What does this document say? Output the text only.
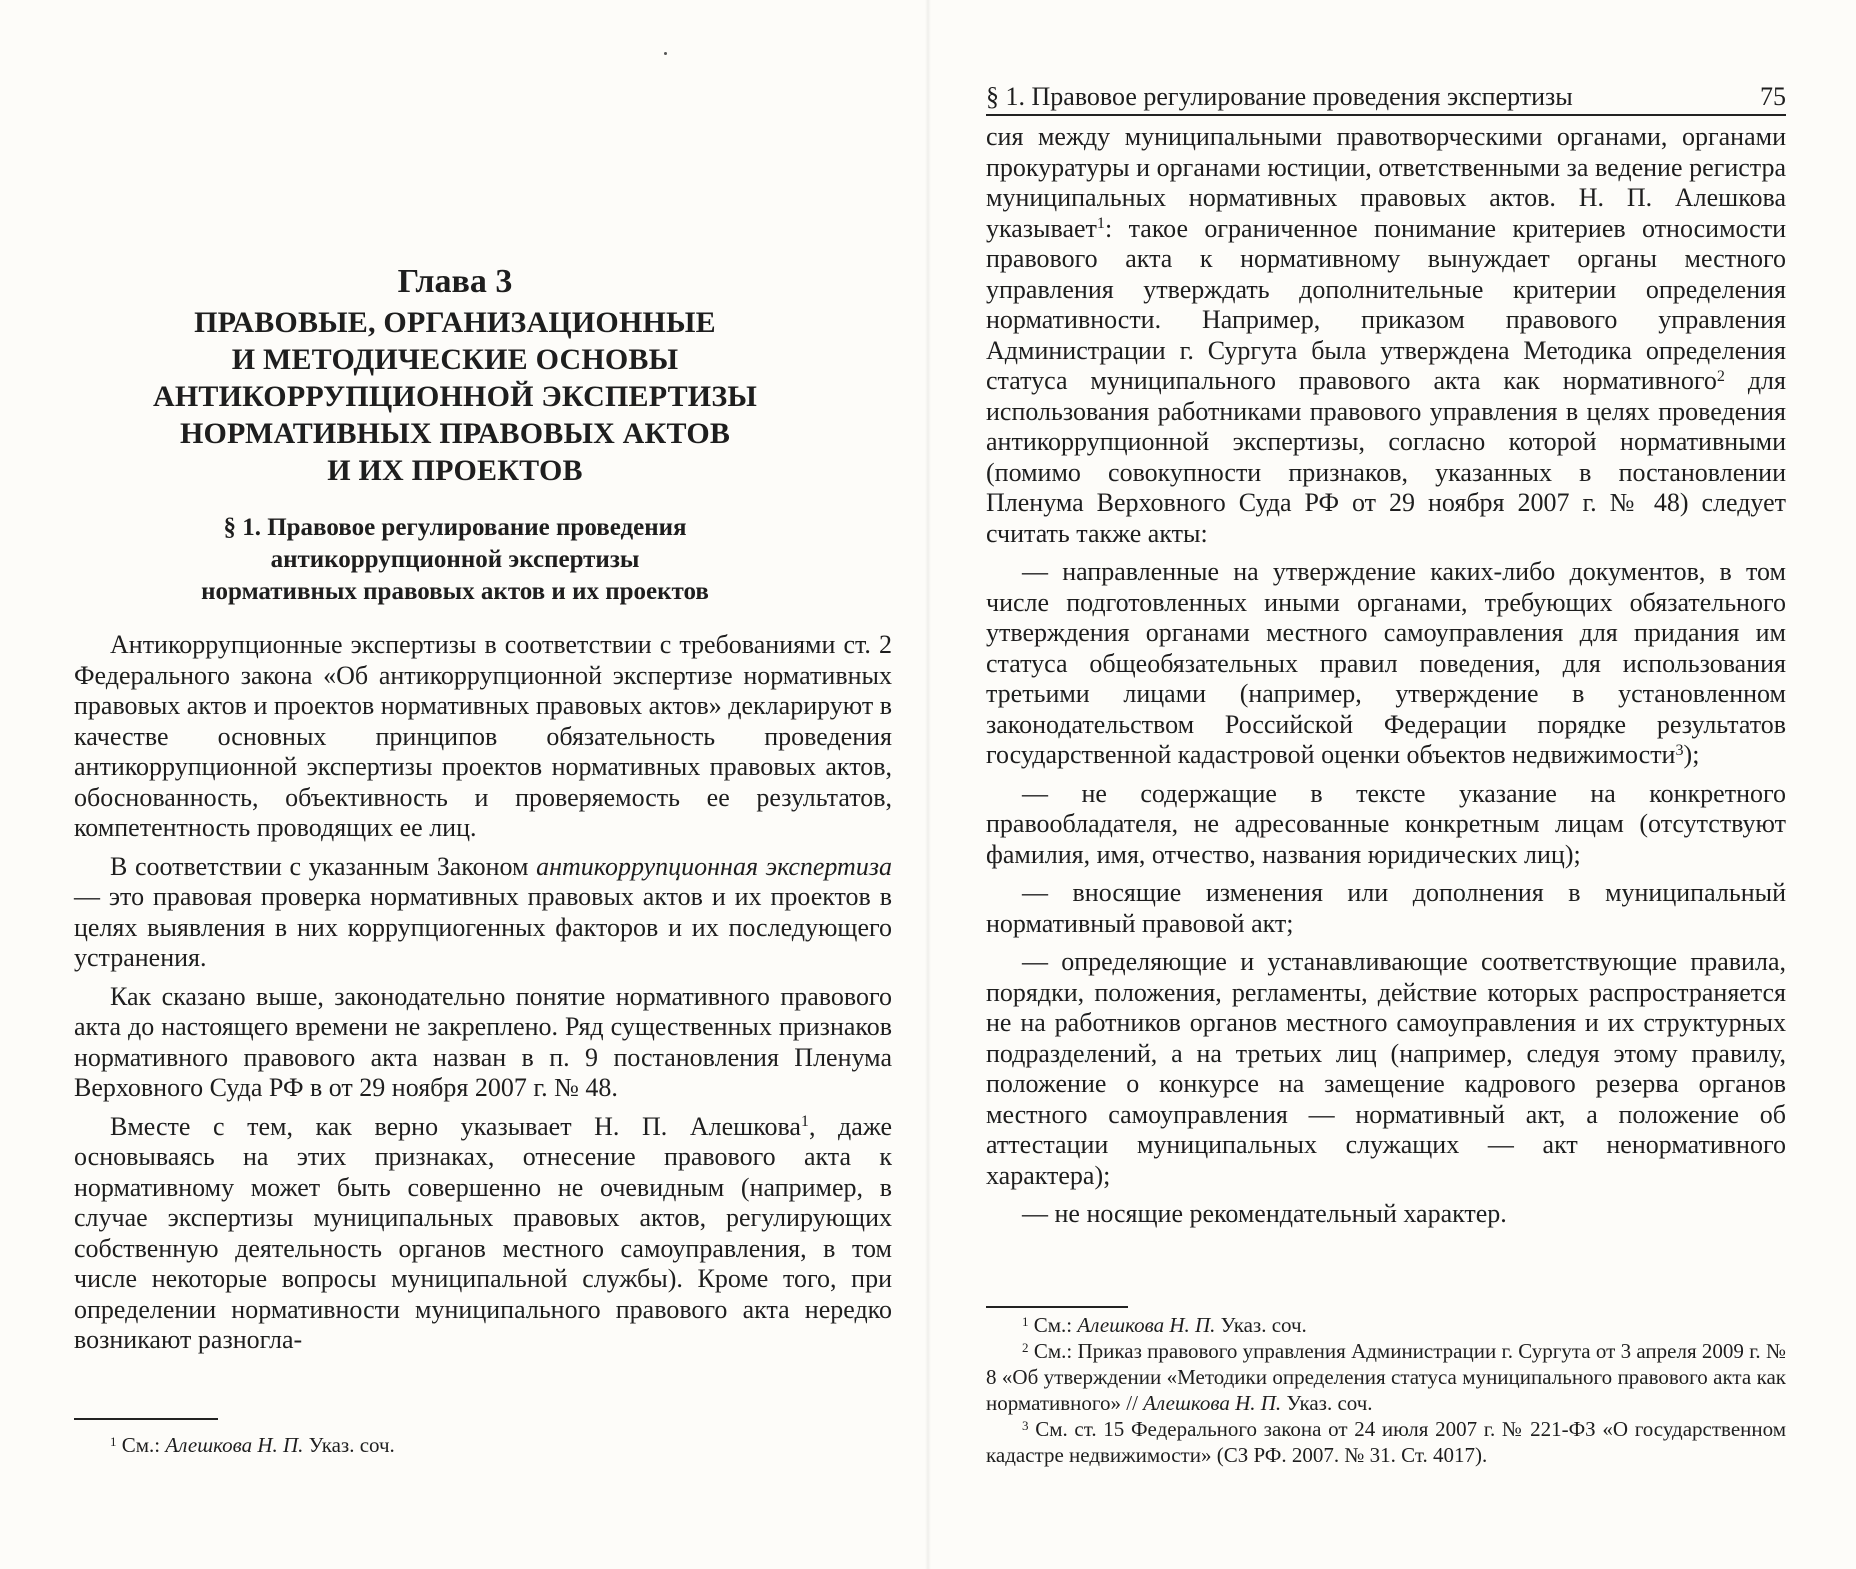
Глава 3
ПРАВОВЫЕ, ОРГАНИЗАЦИОННЫЕ
И МЕТОДИЧЕСКИЕ ОСНОВЫ
АНТИКОРРУПЦИОННОЙ ЭКСПЕРТИЗЫ
НОРМАТИВНЫХ ПРАВОВЫХ АКТОВ
И ИХ ПРОЕКТОВ
§ 1. Правовое регулирование проведения
антикоррупционной экспертизы
нормативных правовых актов и их проектов

Антикоррупционные экспертизы в соответствии с требованиями ст. 2 Федерального закона «Об антикоррупционной экспертизе нормативных правовых актов и проектов нормативных правовых актов» декларируют в качестве основных принципов обязательность проведения антикоррупционной экспертизы проектов нормативных правовых актов, обоснованность, объективность и проверяемость ее результатов, компетентность проводящих ее лиц.

В соответствии с указанным Законом антикоррупционная экспертиза — это правовая проверка нормативных правовых актов и их проектов в целях выявления в них коррупциогенных факторов и их последующего устранения.

Как сказано выше, законодательно понятие нормативного правового акта до настоящего времени не закреплено. Ряд существенных признаков нормативного правового акта назван в п. 9 постановления Пленума Верховного Суда РФ в от 29 ноября 2007 г. № 48.

Вместе с тем, как верно указывает Н. П. Алешкова$^1$, даже основываясь на этих признаках, отнесение правового акта к нормативному может быть совершенно не очевидным (например, в случае экспертизы муниципальных правовых актов, регулирующих собственную деятельность органов местного самоуправления, в том числе некоторые вопросы муниципальной службы). Кроме того, при определении нормативности муниципального правового акта нередко возникают разногла-

$^1$ См.: Алешкова Н. П. Указ. соч.
§ 1. Правовое регулирование проведения экспертизы	75

сия между муниципальными правотворческими органами, органами прокуратуры и органами юстиции, ответственными за ведение регистра муниципальных нормативных правовых актов. Н. П. Алешкова указывает$^1$: такое ограниченное понимание критериев относимости правового акта к нормативному вынуждает органы местного управления утверждать дополнительные критерии определения нормативности. Например, приказом правового управления Администрации г. Сургута была утверждена Методика определения статуса муниципального правового акта как нормативного$^2$ для использования работниками правового управления в целях проведения антикоррупционной экспертизы, согласно которой нормативными (помимо совокупности признаков, указанных в постановлении Пленума Верховного Суда РФ от 29 ноября 2007 г. № 48) следует считать также акты:

— направленные на утверждение каких-либо документов, в том числе подготовленных иными органами, требующих обязательного утверждения органами местного самоуправления для придания им статуса общеобязательных правил поведения, для использования третьими лицами (например, утверждение в установленном законодательством Российской Федерации порядке результатов государственной кадастровой оценки объектов недвижимости$^3$);

— не содержащие в тексте указание на конкретного правообладателя, не адресованные конкретным лицам (отсутствуют фамилия, имя, отчество, названия юридических лиц);

— вносящие изменения или дополнения в муниципальный нормативный правовой акт;

— определяющие и устанавливающие соответствующие правила, порядки, положения, регламенты, действие которых распространяется не на работников органов местного самоуправления и их структурных подразделений, а на третьих лиц (например, следуя этому правилу, положение о конкурсе на замещение кадрового резерва органов местного самоуправления — нормативный акт, а положение об аттестации муниципальных служащих — акт ненормативного характера);

— не носящие рекомендательный характер.

$^1$ См.: Алешкова Н. П. Указ. соч.

$^2$ См.: Приказ правового управления Администрации г. Сургута от 3 апреля 2009 г. № 8 «Об утверждении «Методики определения статуса муниципального правового акта как нормативного» // Алешкова Н. П. Указ. соч.

$^3$ См. ст. 15 Федерального закона от 24 июля 2007 г. № 221-ФЗ «О государственном кадастре недвижимости» (СЗ РФ. 2007. № 31. Ст. 4017).
